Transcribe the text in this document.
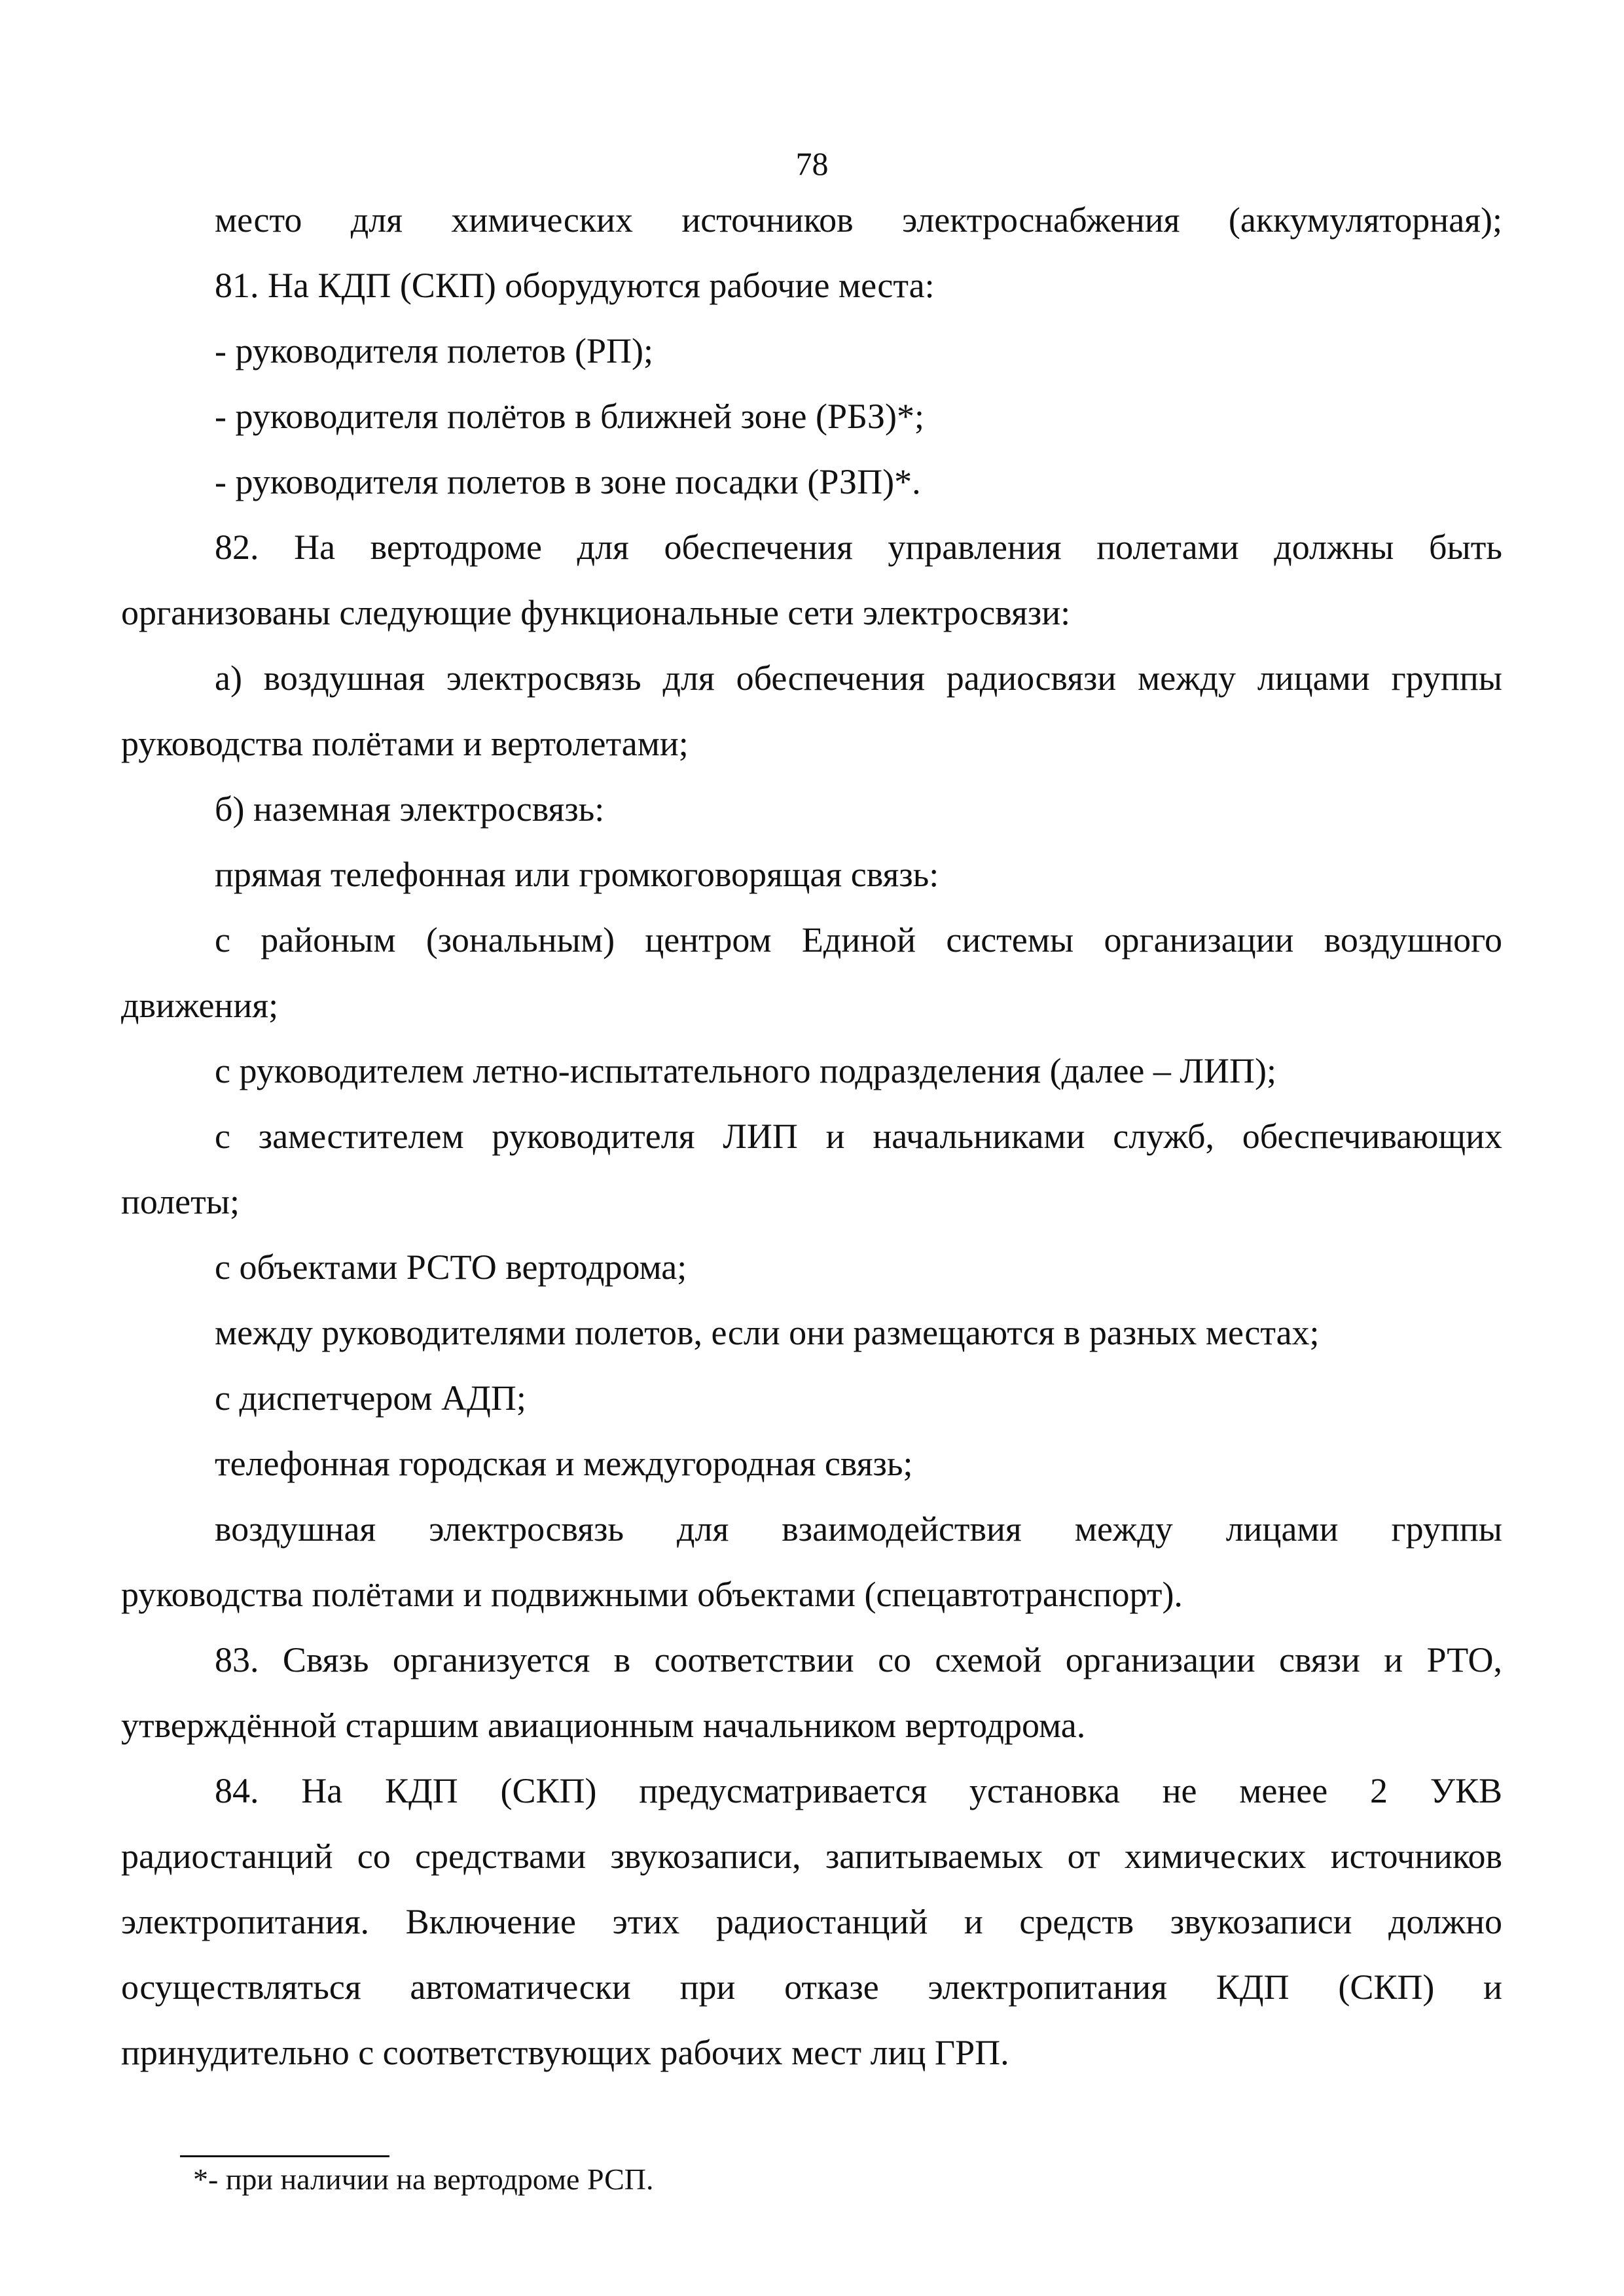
78

место для химических источников электроснабжения (аккумуляторная);

81. На КДП (СКП) оборудуются рабочие места:

- руководителя полетов (РП);

- руководителя полётов в ближней зоне (РБЗ)*;

- руководителя полетов в зоне посадки (РЗП)*.

82. На вертодроме для обеспечения управления полетами должны быть

организованы следующие функциональные сети электросвязи:

а) воздушная электросвязь для обеспечения радиосвязи между лицами группы

руководства полётами и вертолетами;

б) наземная электросвязь:

прямая телефонная или громкоговорящая связь:

с районым (зональным) центром Единой системы организации воздушного

движения;

с руководителем летно-испытательного подразделения (далее – ЛИП);

с заместителем руководителя ЛИП и начальниками служб, обеспечивающих

полеты;

с объектами РСТО вертодрома;

между руководителями полетов, если они размещаются в разных местах;

с диспетчером АДП;

телефонная городская и междугородная связь;

воздушная электросвязь для взаимодействия между лицами группы

руководства полётами и подвижными объектами (спецавтотранспорт).

83. Связь организуется в соответствии со схемой организации связи и РТО,

утверждённой старшим авиационным начальником вертодрома.

84. На КДП (СКП) предусматривается установка не менее 2 УКВ

радиостанций со средствами звукозаписи, запитываемых от химических источников

электропитания. Включение этих радиостанций и средств звукозаписи должно

осуществляться автоматически при отказе электропитания КДП (СКП) и

принудительно с соответствующих рабочих мест лиц ГРП.

*- при наличии на вертодроме РСП.
